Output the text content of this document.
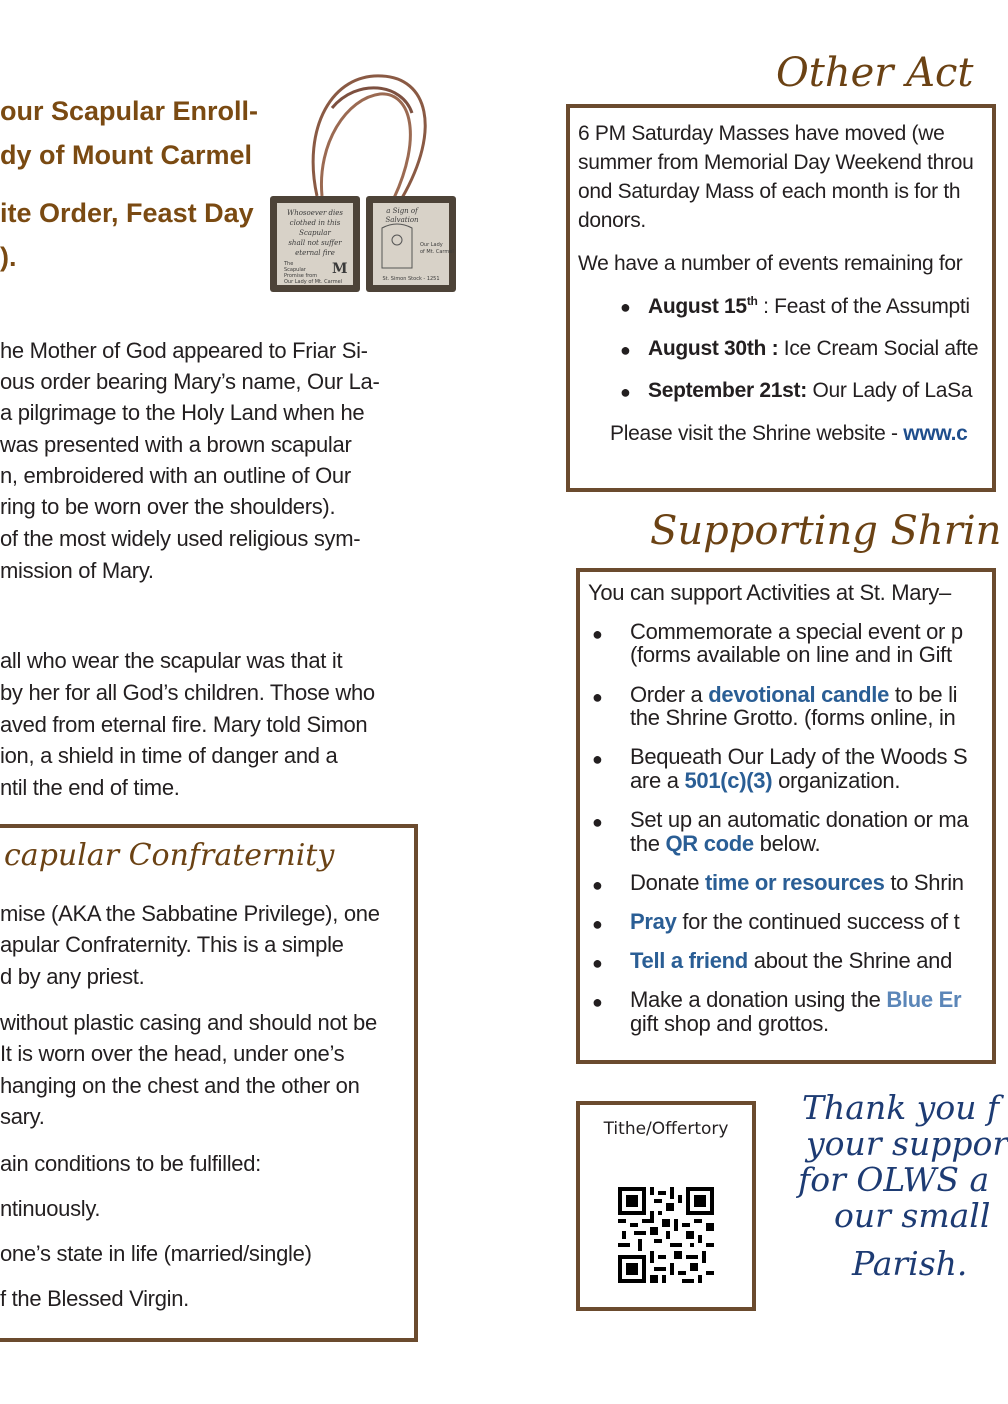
our Scapular Enroll-
dy of Mount Carmel
ite Order, Feast Day
).
Whosoever dies
clothed in this
Scapular
shall not suffer
eternal fire
The
Scapular
Promise from
Our Lady of Mt. Carmel
M
a Sign of
Salvation
Our Lady
of Mt. Carmel
St. Simon Stock - 1251
he Mother of God appeared to Friar Si-
ous order bearing Mary’s name, Our La-
a pilgrimage to the Holy Land when he
was presented with a brown scapular
n, embroidered with an outline of Our
ring to be worn over the shoulders).
of the most widely used religious sym-
mission of Mary.
all who wear the scapular was that it
by her for all God’s children. Those who
aved from eternal fire. Mary told Simon
ion, a shield in time of danger and a
ntil the end of time.
capular Confraternity
mise (AKA the Sabbatine Privilege), one
apular Confraternity. This is a simple
d by any priest.
without plastic casing and should not be
It is worn over the head, under one’s
hanging on the chest and the other on
sary.
ain conditions to be fulfilled:
ntinuously.
one’s state in life (married/single)
f the Blessed Virgin.
Other Act
6 PM Saturday Masses have moved (we
summer from Memorial Day Weekend throu
ond Saturday Mass of each month is for th
donors.
We have a number of events remaining for
● August 15th : Feast of the Assumpti
● August 30th : Ice Cream Social afte
● September 21st: Our Lady of LaSa
Please visit the Shrine website - www.c
Supporting Shrin
You can support Activities at St. Mary–
● Commemorate a special event or p
(forms available on line and in Gift
● Order a devotional candle to be li
the Shrine Grotto. (forms online, in
● Bequeath Our Lady of the Woods S
are a 501(c)(3) organization.
● Set up an automatic donation or ma
the QR code below.
● Donate time or resources to Shrin
● Pray for the continued success of t
● Tell a friend about the Shrine and
● Make a donation using the Blue Er
gift shop and grottos.
Tithe/Offertory
Thank you f
your suppor
for OLWS a
our small
Parish.
